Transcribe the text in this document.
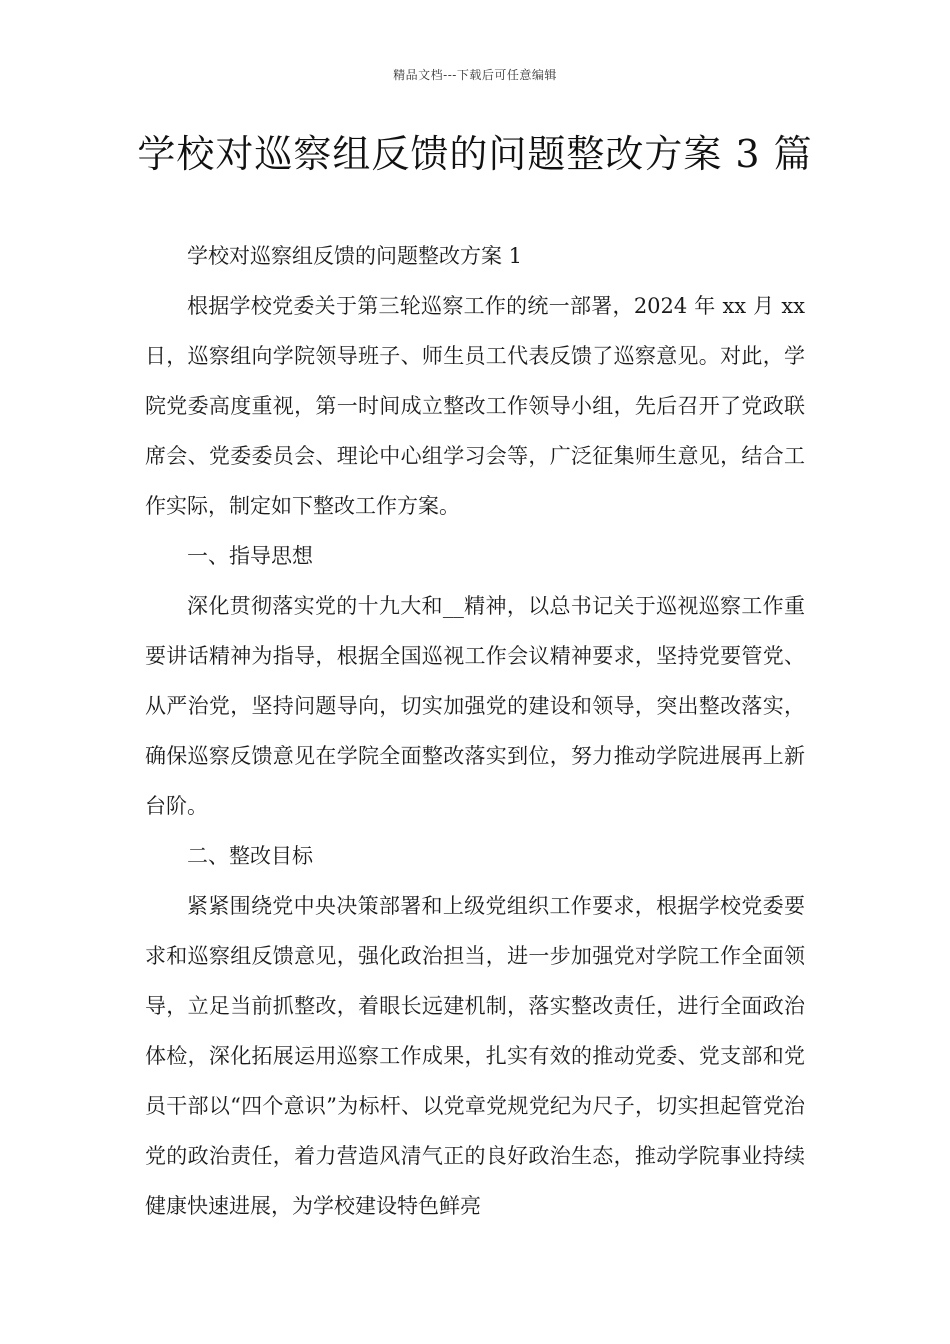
精品文档---下载后可任意编辑
学校对巡察组反馈的问题整改方案 3 篇

学校对巡察组反馈的问题整改方案 1

根据学校党委关于第三轮巡察工作的统一部署，2024 年 xx 月 xx 日，巡察组向学院领导班子、师生员工代表反馈了巡察意见。对此，学院党委高度重视，第一时间成立整改工作领导小组，先后召开了党政联席会、党委委员会、理论中心组学习会等，广泛征集师生意见，结合工作实际，制定如下整改工作方案。

一、指导思想

深化贯彻落实党的十九大和__精神，以总书记关于巡视巡察工作重要讲话精神为指导，根据全国巡视工作会议精神要求，坚持党要管党、从严治党，坚持问题导向，切实加强党的建设和领导，突出整改落实，确保巡察反馈意见在学院全面整改落实到位，努力推动学院进展再上新台阶。

二、整改目标

紧紧围绕党中央决策部署和上级党组织工作要求，根据学校党委要求和巡察组反馈意见，强化政治担当，进一步加强党对学院工作全面领导，立足当前抓整改，着眼长远建机制，落实整改责任，进行全面政治体检，深化拓展运用巡察工作成果，扎实有效的推动党委、党支部和党员干部以“四个意识”为标杆、以党章党规党纪为尺子，切实担起管党治党的政治责任，着力营造风清气正的良好政治生态，推动学院事业持续健康快速进展，为学校建设特色鲜亮
